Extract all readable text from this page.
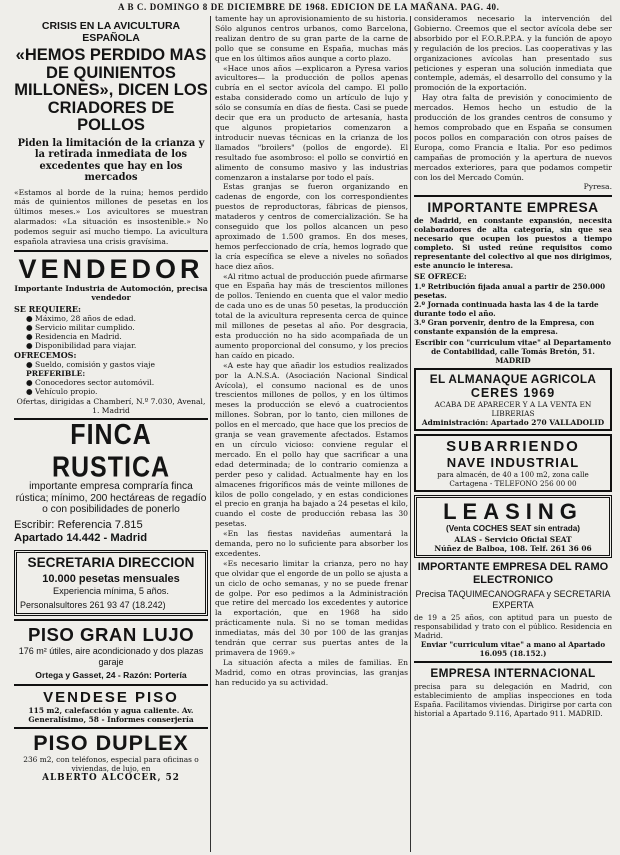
A B C. DOMINGO 8 DE DICIEMBRE DE 1968. EDICION DE LA MAÑANA. PAG. 40.
CRISIS EN LA AVICULTURA ESPAÑOLA
«HEMOS PERDIDO MAS DE QUINIENTOS MILLONES», DICEN LOS CRIADORES DE POLLOS
Piden la limitación de la crianza y la retirada inmediata de los excedentes que hay en los mercados
«Estamos al borde de la ruina; hemos perdido más de quinientos millones de pesetas en los últimos meses.» Los avicultores se muestran alarmados: «La situación es insostenible.» No podemos seguir así mucho tiempo. La avicultura española atraviesa una crisis gravísima.
VENDEDOR
Importante Industria de Automoción, precisa vendedor
SE REQUIERE:
● Máximo, 28 años de edad.
● Servicio militar cumplido.
● Residencia en Madrid.
● Disponibilidad para viajar.
OFRECEMOS:
● Sueldo, comisión y gastos viaje
PREFERIBLE:
● Conocedores sector automóvil.
● Vehículo propio.
Ofertas, dirigidas a Chamberí, N.º 7.030, Avenal, 1. Madrid
FINCA RUSTICA
importante empresa compraría finca rústica; mínimo, 200 hectáreas de regadío o con posibilidades de ponerlo
Escribir: Referencia 7.815
Apartado 14.442 - Madrid
SECRETARIA DIRECCION
10.000 pesetas mensuales
Experiencia mínima, 5 años.
Personalsultores 261 93 47 (18.242)
PISO GRAN LUJO
176 m² útiles, aire acondicionado y dos plazas garaje
Ortega y Gasset, 24 - Razón: Portería
VENDESE PISO
115 m2, calefacción y agua caliente. Av. Generalísimo, 58 - Informes conserjería
PISO DUPLEX
236 m2, con teléfonos, especial para oficinas o viviendas, de lujo, en
ALBERTO ALCOCER, 52

tamente hay un aprovisionamiento de su historia. Sólo algunos centros urbanos, como Barcelona, realizan dentro de su gran parte de la carne de pollo que se consume en España, muchas más que en los últimos años aunque a corto plazo.

«Hace unos años —explicaron a Pyresa varios avicultores— la producción de pollos apenas cubría en el sector avícola del campo. El pollo estaba considerado como un artículo de lujo y sólo se consumía en días de fiesta. Casi se puede decir que era un producto de artesanía, hasta que algunos propietarios comenzaron a introducir nuevas técnicas en la crianza de los llamados "broilers" (pollos de engorde). El resultado fue asombroso: el pollo se convirtió en alimento de consumo masivo y las industrias comenzaron a instalarse por todo el país.

Estas granjas se fueron organizando en cadenas de engorde, con los correspondientes puestos de reproductoras, fábricas de piensos, mataderos y centros de comercialización. Se ha conseguido que los pollos alcancen un peso aproximado de 1.500 gramos. En dos meses, hemos perfeccionado de cría, hemos logrado que la cría específica se eleve a niveles no soñados hace diez años.

«Al ritmo actual de producción puede afirmarse que en España hay más de trescientos millones de pollos. Teniendo en cuenta que el valor medio de cada uno es de unas 50 pesetas, la producción total de la avicultura representa cerca de quince mil millones de pesetas al año. Por desgracia, esta producción no ha sido acompañada de un aumento proporcional del consumo, y los precios han caído en picado.

«A este hay que añadir los estudios realizados por la A.N.S.A. (Asociación Nacional Sindical Avícola), el consumo nacional es de unos trescientos millones de pollos, y en los últimos meses la producción se elevó a cuatrocientos millones. Sobran, por lo tanto, cien millones de pollos en el mercado, que hace que los precios de granja se vean gravemente afectados. Estamos en un círculo vicioso: conviene regular el mercado. En el pollo hay que sacrificar a una edad determinada; de lo contrario comienza a perder peso y calidad. Actualmente hay en los almacenes frigoríficos más de veinte millones de kilos de pollo congelado, y en estas condiciones el precio en granja ha bajado a 24 pesetas el kilo, cuando el coste de producción rebasa las 30 pesetas.

«En las fiestas navideñas aumentará la demanda, pero no lo suficiente para absorber los excedentes.

«Es necesario limitar la crianza, pero no hay que olvidar que el engorde de un pollo se ajusta a un ciclo de ocho semanas, y no se puede frenar de golpe. Por eso pedimos a la Administración que retire del mercado los excedentes y autorice la exportación, que en 1968 ha sido prácticamente nula. Si no se toman medidas inmediatas, más del 30 por 100 de las granjas tendrán que cerrar sus puertas antes de la primavera de 1969.»

La situación afecta a miles de familias. En Madrid, como en otras provincias, las granjas han reducido ya su actividad.

consideramos necesario la intervención del Gobierno. Creemos que el sector avícola debe ser absorbido por el F.O.R.P.P.A. y la función de apoyo y regulación de los precios. Las cooperativas y las organizaciones avícolas han presentado sus peticiones y esperan una solución inmediata que contemple, además, el desarrollo del consumo y la promoción de la exportación.

Hay otra falta de previsión y conocimiento de mercados. Hemos hecho un estudio de la producción de los grandes centros de consumo y hemos comprobado que en España se consumen pocos pollos en comparación con otros países de Europa, como Francia e Italia. Por eso pedimos campañas de promoción y la apertura de nuevos mercados exteriores, para que podamos competir con los del Mercado Común.

Pyresa.

IMPORTANTE EMPRESA
de Madrid, en constante expansión, necesita colaboradores de alta categoría, sin que sea necesario que ocupen los puestos a tiempo completo. Si usted reúne requisitos como representante del colectivo al que nos dirigimos, este anuncio le interesa.
SE OFRECE:
1.º Retribución fijada anual a partir de 250.000 pesetas.
2.º Jornada continuada hasta las 4 de la tarde durante todo el año.
3.º Gran porvenir, dentro de la Empresa, con constante expansión de la empresa.
Escribir con "curriculum vitae" al Departamento de Contabilidad, calle Tomás Bretón, 51. MADRID
EL ALMANAQUE AGRICOLA
CERES 1969
ACABA DE APARECER Y A LA VENTA EN LIBRERIAS
Administración: Apartado 270 VALLADOLID
SUBARRIENDO
NAVE INDUSTRIAL
para almacén, de 40 a 100 m2, zona calle Cartagena - TELEFONO 256 00 00
LEASING
(Venta COCHES SEAT sin entrada)
ALAS - Servicio Oficial SEAT
Núñez de Balboa, 108. Telf. 261 36 06
IMPORTANTE EMPRESA DEL RAMO ELECTRONICO
Precisa TAQUIMECANOGRAFA y SECRETARIA EXPERTA
de 19 a 25 años, con aptitud para un puesto de responsabilidad y trato con el público. Residencia en Madrid.
Enviar "curriculum vitae" a mano al Apartado 16.095 (18.152.)
EMPRESA INTERNACIONAL
precisa para su delegación en Madrid, con establecimiento de amplias inspecciones en toda España. Facilitamos viviendas. Dirigirse por carta con historial a Apartado 9.116, Apartado 911. MADRID.
